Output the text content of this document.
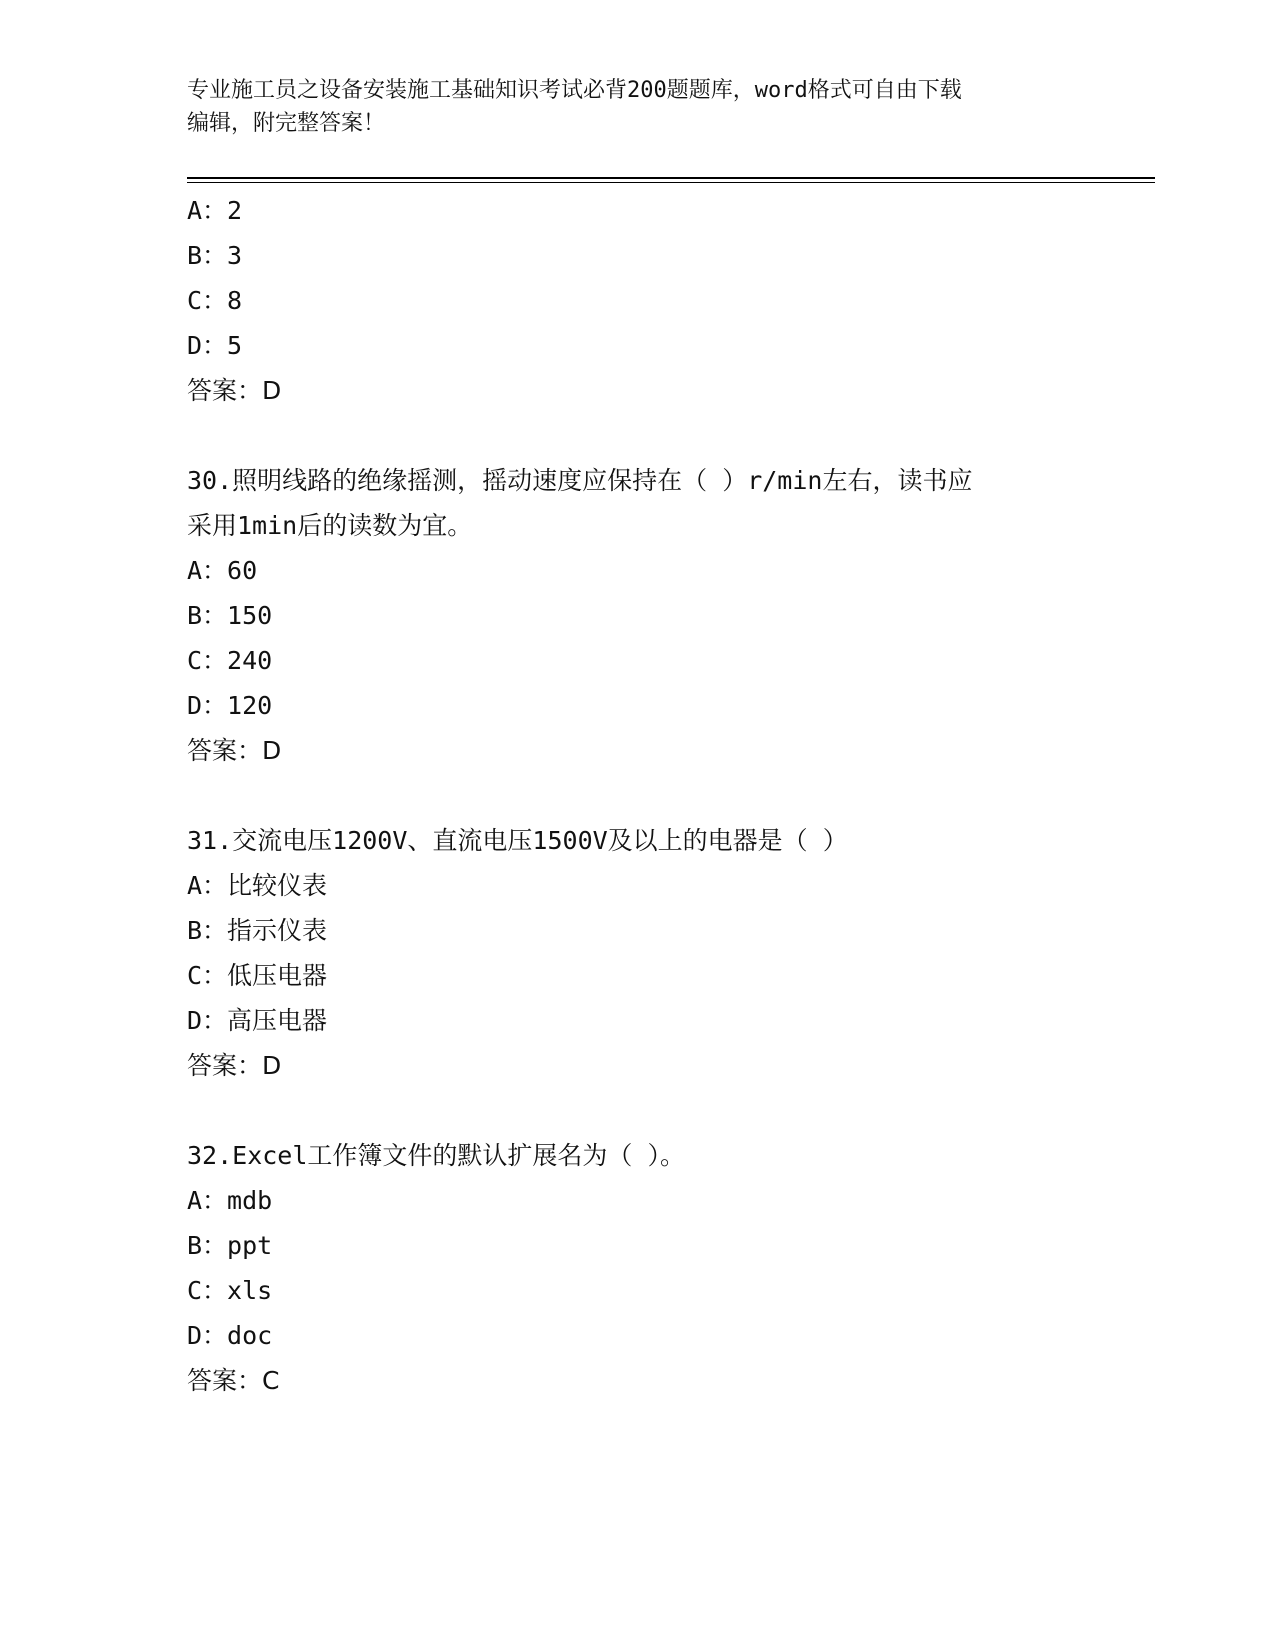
专业施工员之设备安装施工基础知识考试必背200题题库，word格式可自由下载
编辑，附完整答案！
A：2
B：3
C：8
D：5
答案：D
30.照明线路的绝缘摇测，摇动速度应保持在（ ）r/min左右，读书应
采用1min后的读数为宜。
A：60
B：150
C：240
D：120
答案：D
31.交流电压1200V、直流电压1500V及以上的电器是（ ）
A：比较仪表
B：指示仪表
C：低压电器
D：高压电器
答案：D
32.Excel工作簿文件的默认扩展名为（ ）。
A：mdb
B：ppt
C：xls
D：doc
答案：C
